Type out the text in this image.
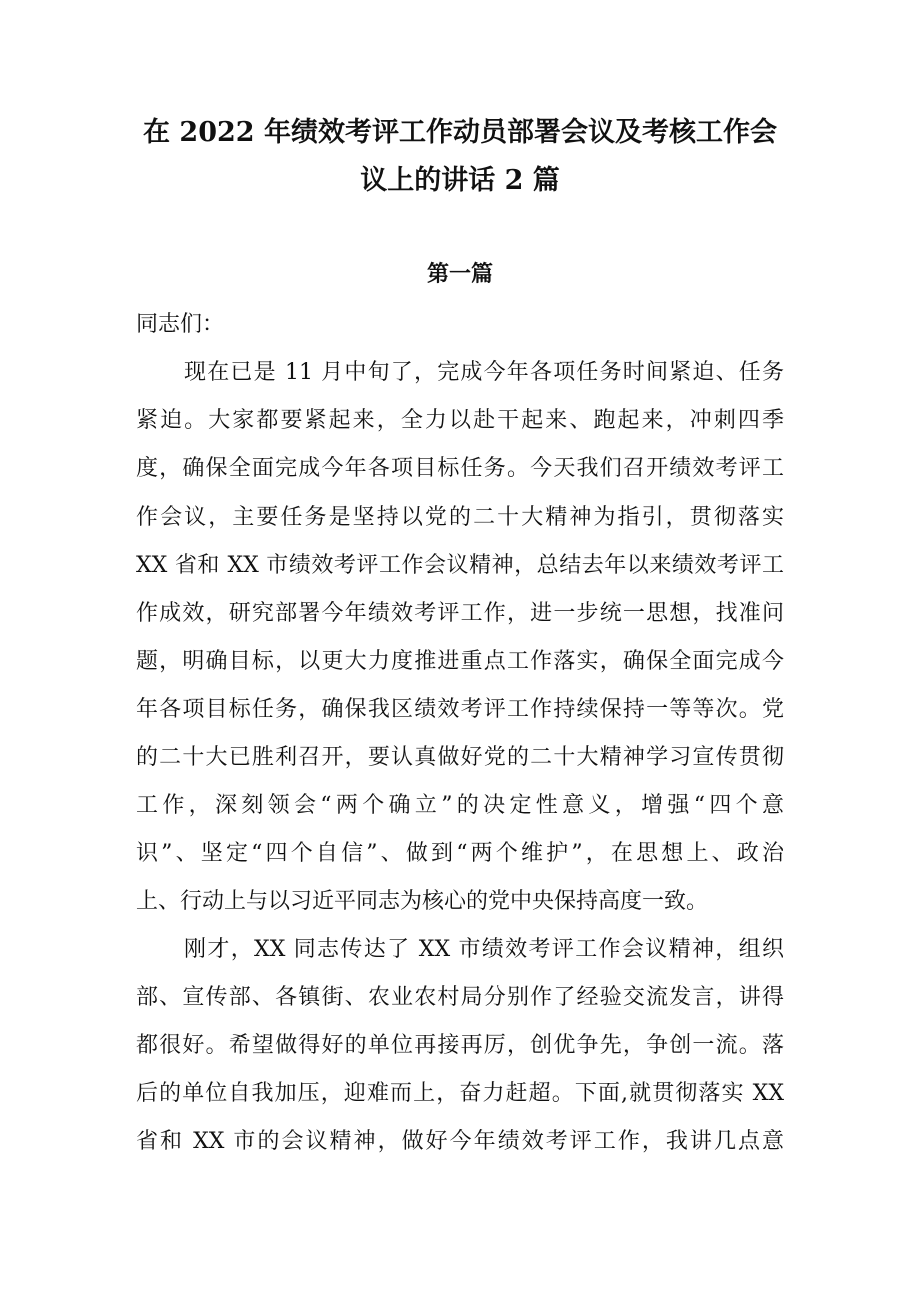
在 2022 年绩效考评工作动员部署会议及考核工作会
议上的讲话 2 篇
第一篇
同志们：
现在已是 11 月中旬了，完成今年各项任务时间紧迫、任务
紧迫。大家都要紧起来，全力以赴干起来、跑起来，冲刺四季
度，确保全面完成今年各项目标任务。今天我们召开绩效考评工
作会议，主要任务是坚持以党的二十大精神为指引，贯彻落实
XX 省和 XX 市绩效考评工作会议精神，总结去年以来绩效考评工
作成效，研究部署今年绩效考评工作，进一步统一思想，找准问
题，明确目标，以更大力度推进重点工作落实，确保全面完成今
年各项目标任务，确保我区绩效考评工作持续保持一等等次。党
的二十大已胜利召开，要认真做好党的二十大精神学习宣传贯彻
工作，深刻领会“两个确立”的决定性意义，增强“四个意
识”、坚定“四个自信”、做到“两个维护”，在思想上、政治
上、行动上与以习近平同志为核心的党中央保持高度一致。
刚才，XX 同志传达了 XX 市绩效考评工作会议精神，组织
部、宣传部、各镇街、农业农村局分别作了经验交流发言，讲得
都很好。希望做得好的单位再接再厉，创优争先，争创一流。落
后的单位自我加压，迎难而上，奋力赶超。下面,就贯彻落实 XX
省和 XX 市的会议精神，做好今年绩效考评工作，我讲几点意
